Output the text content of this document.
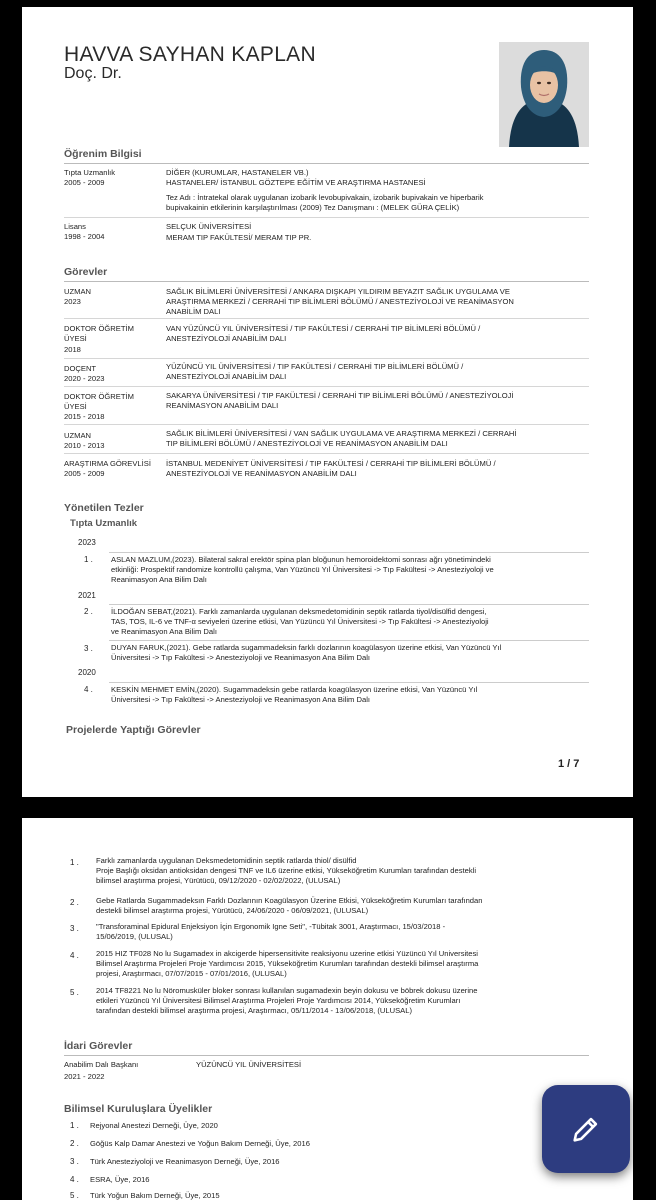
HAVVA SAYHAN KAPLAN
Doç. Dr.
Öğrenim Bilgisi
Tıpta Uzmanlık
2005 - 2009
DİĞER (KURUMLAR, HASTANELER VB.)
HASTANELER/ İSTANBUL GÖZTEPE EĞİTİM VE ARAŞTIRMA HASTANESİ
Tez Adı : İntratekal olarak uygulanan izobarik levobupivakain, izobarik bupivakain ve hiperbarik
bupivakainin etkilerinin karşılaştırılması (2009) Tez Danışmanı : (MELEK GÜRA ÇELİK)
Lisans
1998 - 2004
SELÇUK ÜNİVERSİTESİ
MERAM TIP FAKÜLTESİ/ MERAM TIP PR.
Görevler
UZMAN
2023
SAĞLIK BİLİMLERİ ÜNİVERSİTESİ / ANKARA DIŞKAPI YILDIRIM BEYAZIT SAĞLIK UYGULAMA VE
ARAŞTIRMA MERKEZİ / CERRAHİ TIP BİLİMLERİ BÖLÜMÜ / ANESTEZİYOLOJİ VE REANİMASYON
ANABİLİM DALI
DOKTOR ÖĞRETİM
ÜYESİ
2018
VAN YÜZÜNCÜ YIL ÜNİVERSİTESİ / TIP FAKÜLTESİ / CERRAHİ TIP BİLİMLERİ BÖLÜMÜ /
ANESTEZİYOLOJİ ANABİLİM DALI
DOÇENT
2020 - 2023
YÜZÜNCÜ YIL ÜNİVERSİTESİ / TIP FAKÜLTESİ / CERRAHİ TIP BİLİMLERİ BÖLÜMÜ /
ANESTEZİYOLOJİ ANABİLİM DALI
DOKTOR ÖĞRETİM
ÜYESİ
2015 - 2018
SAKARYA ÜNİVERSİTESİ / TIP FAKÜLTESİ / CERRAHİ TIP BİLİMLERİ BÖLÜMÜ / ANESTEZİYOLOJİ
REANİMASYON ANABİLİM DALI
UZMAN
2010 - 2013
SAĞLIK BİLİMLERİ ÜNİVERSİTESİ / VAN SAĞLIK UYGULAMA VE ARAŞTIRMA MERKEZİ / CERRAHİ
TIP BİLİMLERİ BÖLÜMÜ / ANESTEZİYOLOJİ VE REANİMASYON ANABİLİM DALI
ARAŞTIRMA GÖREVLİSİ
2005 - 2009
İSTANBUL MEDENİYET ÜNİVERSİTESİ / TIP FAKÜLTESİ / CERRAHİ TIP BİLİMLERİ BÖLÜMÜ /
ANESTEZİYOLOJİ VE REANİMASYON ANABİLİM DALI
Yönetilen Tezler
Tıpta Uzmanlık
2023
1 . ASLAN MAZLUM,(2023). Bilateral sakral erektör spina plan bloğunun hemoroidektomi sonrası ağrı yönetimindeki
etkinliği: Prospektif randomize kontrollü çalışma, Van Yüzüncü Yıl Üniversitesi -> Tıp Fakültesi -> Anesteziyoloji ve
Reanimasyon Ana Bilim Dalı
2021
2 . İLDOĞAN SEBAT,(2021). Farklı zamanlarda uygulanan deksmedetomidinin septik ratlarda tiyol/disülfid dengesi,
TAS, TOS, IL-6 ve TNF-α seviyeleri üzerine etkisi, Van Yüzüncü Yıl Üniversitesi -> Tıp Fakültesi -> Anesteziyoloji
ve Reanimasyon Ana Bilim Dalı
3 . DUYAN FARUK,(2021). Gebe ratlarda sugammadeksin farklı dozlarının koagülasyon üzerine etkisi, Van Yüzüncü Yıl
Üniversitesi -> Tıp Fakültesi -> Anesteziyoloji ve Reanimasyon Ana Bilim Dalı
2020
4 . KESKİN MEHMET EMİN,(2020). Sugammadeksin gebe ratlarda koagülasyon üzerine etkisi, Van Yüzüncü Yıl
Üniversitesi -> Tıp Fakültesi -> Anesteziyoloji ve Reanimasyon Ana Bilim Dalı
Projelerde Yaptığı Görevler
1 / 7
1 . Farklı zamanlarda uygulanan Deksmedetomidinin septik ratlarda thiol/ disülfid
Proje Başlığı oksidan antioksidan dengesi TNF ve IL6 üzerine etkisi, Yükseköğretim Kurumları tarafından destekli
bilimsel araştırma projesi, Yürütücü, 09/12/2020 - 02/02/2022, (ULUSAL)
2 . Gebe Ratlarda Sugammadeksın Farklı Dozlarının Koagülasyon Üzerine Etkisi, Yükseköğretim Kurumları tarafından
destekli bilimsel araştırma projesi, Yürütücü, 24/06/2020 - 06/09/2021, (ULUSAL)
3 . "Transforaminal Epidural Enjeksiyon İçin Ergonomik Igne Seti", -Tübitak 3001, Araştırmacı, 15/03/2018 -
15/06/2019, (ULUSAL)
4 . 2015 HIZ TF028 No lu Sugamadex in akcigerde hipersensitivite reaksiyonu uzerine etkisi Yüzüncü Yıl Universitesi
Bilimsel Araştırma Projeleri Proje Yardımcısı 2015, Yükseköğretim Kurumları tarafından destekli bilimsel araştırma
projesi, Araştırmacı, 07/07/2015 - 07/01/2016, (ULUSAL)
5 . 2014 TF8221 No lu Nöromusküler bloker sonrası kullanılan sugamadexin beyin dokusu ve böbrek dokusu üzerine
etkileri Yüzüncü Yıl Üniversitesi Bilimsel Araştırma Projeleri Proje Yardımcısı 2014, Yükseköğretim Kurumları
tarafından destekli bilimsel araştırma projesi, Araştırmacı, 05/11/2014 - 13/06/2018, (ULUSAL)
İdari Görevler
Anabilim Dalı Başkanı
2021 - 2022
YÜZÜNCÜ YIL ÜNİVERSİTESİ
Bilimsel Kuruluşlara Üyelikler
1 . Rejyonal Anestezi Derneği, Üye, 2020
2 . Göğüs Kalp Damar Anestezi ve Yoğun Bakım Derneği, Üye, 2016
3 . Türk Anesteziyoloji ve Reanimasyon Derneği, Üye, 2016
4 . ESRA, Üye, 2016
5 . Türk Yoğun Bakım Derneği, Üye, 2015
